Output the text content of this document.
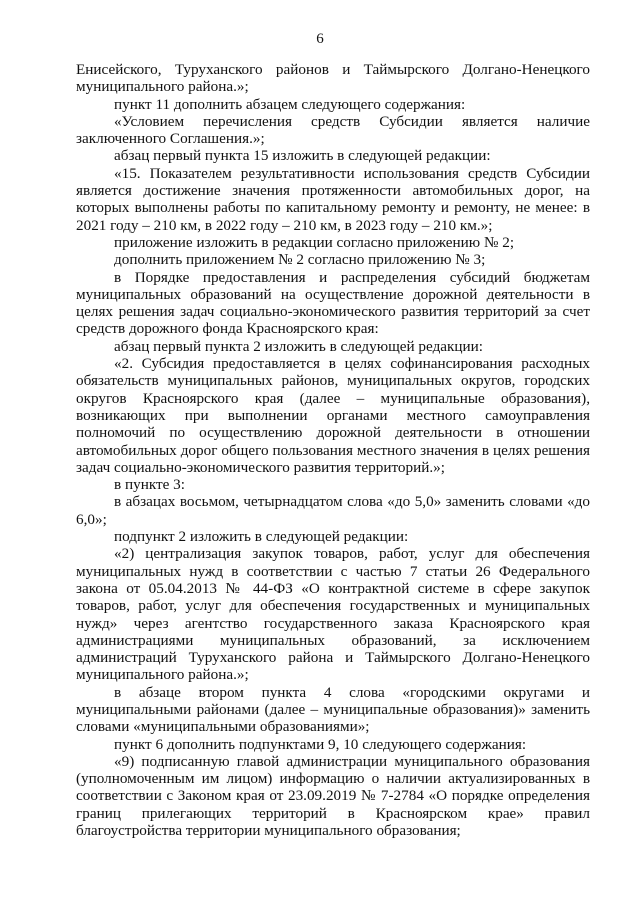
6

Енисейского, Туруханского районов и Таймырского Долгано-Ненецкого муниципального района.»;

пункт 11 дополнить абзацем следующего содержания:

«Условием перечисления средств Субсидии является наличие заключенного Соглашения.»;

абзац первый пункта 15 изложить в следующей редакции:

«15. Показателем результативности использования средств Субсидии является достижение значения протяженности автомобильных дорог, на которых выполнены работы по капитальному ремонту и ремонту, не менее: в 2021 году – 210 км, в 2022 году – 210 км, в 2023 году – 210 км.»;

приложение изложить в редакции согласно приложению № 2;

дополнить приложением № 2 согласно приложению № 3;

в Порядке предоставления и распределения субсидий бюджетам муниципальных образований на осуществление дорожной деятельности в целях решения задач социально-экономического развития территорий за счет средств дорожного фонда Красноярского края:

абзац первый пункта 2 изложить в следующей редакции:

«2. Субсидия предоставляется в целях софинансирования расходных обязательств муниципальных районов, муниципальных округов, городских округов Красноярского края (далее – муниципальные образования), возникающих при выполнении органами местного самоуправления полномочий по осуществлению дорожной деятельности в отношении автомобильных дорог общего пользования местного значения в целях решения задач социально-экономического развития территорий.»;

в пункте 3:

в абзацах восьмом, четырнадцатом слова «до 5,0» заменить словами «до 6,0»;

подпункт 2 изложить в следующей редакции:

«2) централизация закупок товаров, работ, услуг для обеспечения муниципальных нужд в соответствии с частью 7 статьи 26 Федерального закона от 05.04.2013 № 44-ФЗ «О контрактной системе в сфере закупок товаров, работ, услуг для обеспечения государственных и муниципальных нужд» через агентство государственного заказа Красноярского края администрациями муниципальных образований, за исключением администраций Туруханского района и Таймырского Долгано-Ненецкого муниципального района.»;

в абзаце втором пункта 4 слова «городскими округами и муниципальными районами (далее – муниципальные образования)» заменить словами «муниципальными образованиями»;

пункт 6 дополнить подпунктами 9, 10 следующего содержания:

«9) подписанную главой администрации муниципального образования (уполномоченным им лицом) информацию о наличии актуализированных в соответствии с Законом края от 23.09.2019 № 7-2784 «О порядке определения границ прилегающих территорий в Красноярском крае» правил благоустройства территории муниципального образования;
